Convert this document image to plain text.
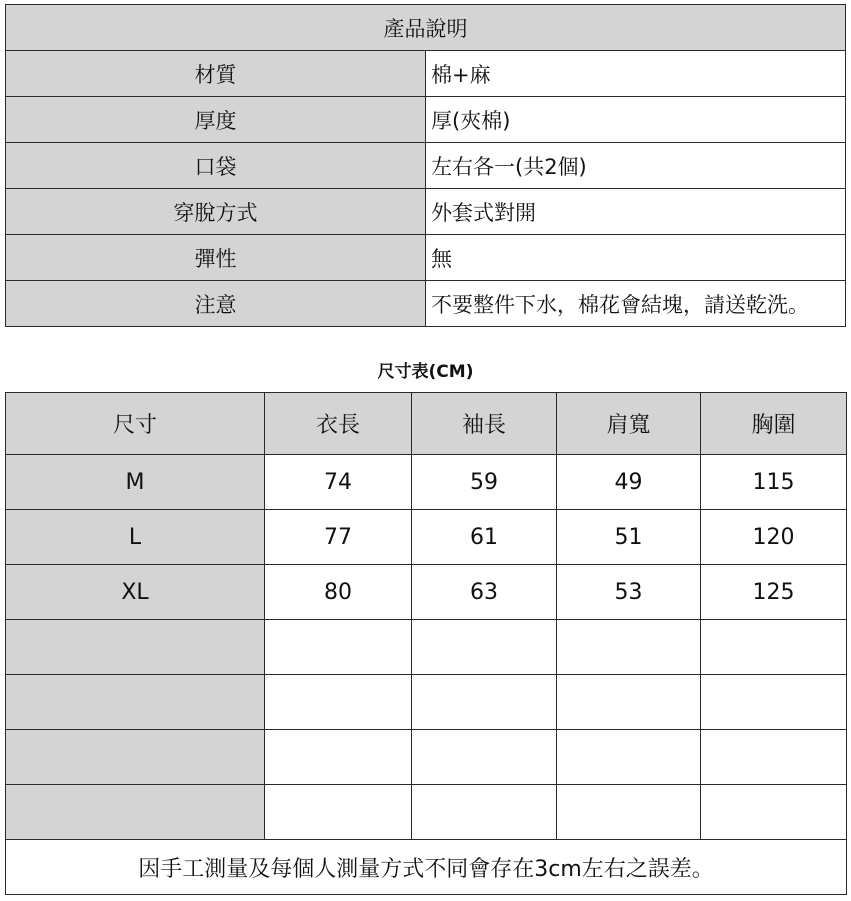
產品說明	
材質	棉+麻
厚度	厚(夾棉)
口袋	左右各一(共2個)
穿脫方式	外套式對開
彈性	無
注意	不要整件下水，棉花會結塊，請送乾洗。
尺寸表(CM)
尺寸	衣長	袖長	肩寬	胸圍
M	74	59	49	115
L	77	61	51	120
XL	80	63	53	125

因手工測量及每個人測量方式不同會存在3cm左右之誤差。				
